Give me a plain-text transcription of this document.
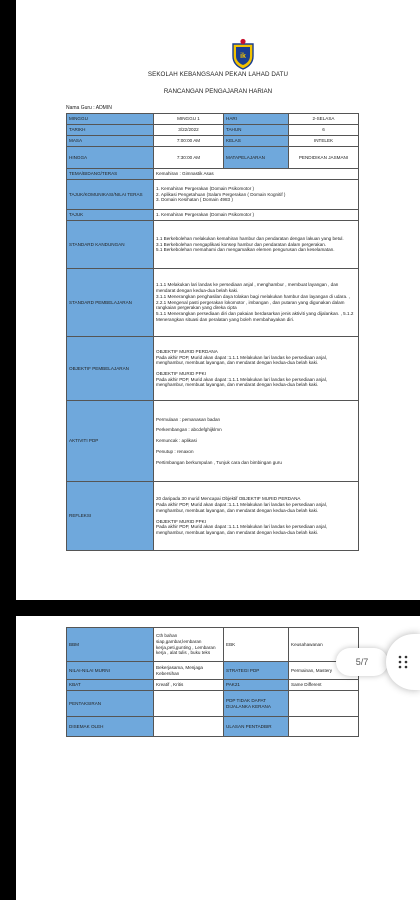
ik
SEKOLAH KEBANGSAAN PEKAN LAHAD DATU
RANCANGAN PENGAJARAN HARIAN
Nama Guru : ADMIN
MINGGU	MINGGU 1	HARI	2-SELASA
TARIKH	3/22/2022	TAHUN	6
MASA	7:00:00 AM	KELAS	INTELEK
HINGGA	7:30:00 AM	MATAPELAJARAN	PENDIDIKAN JASMANI
TEMA/BIDANG/TERAS	Kemahiran : Gimnastik Asas		
TAJUK/KOMUNIKASI/NILAI TERAS	1. Kemahiran Pergerakan (Domain Psikomotor )
2. Aplikasi Pengetahuan (Salam Pergerakan ( Domain Kognitif )
3. Domain Kesihatan ( Domain 4983 )		

TAJUK	1. Kemahiran Pergerakan (Domain Psikomotor )		
STANDARD KANDUNGAN	1.1 Berkebolehan melakukan kemahiran hambur dan pendaratan dengan lakuan yang betul.
3.1 Berkebolehan mengaplikasi konsep hambur dan pendaratan dalam pergerakan.
5.1 Berkebolehan memahami dan mengamalkan elemen pengurusan dan keselamatan.		

STANDARD PEMBELAJARAN	1.1.1 Melakukan lari landas ke persediaan anjal , menghambur , membuat layangan , dan mendarat dengan kedua-dua belah kaki.
3.1.1 Menerangkan penghasilan daya tolakan bagi melakukan hambur dan layangan di udara. , 2.2.1 Mengenal pasti pergerakan lokomotor , imbangan , dan putaran yang digunakan dalam rangkaian pergerakan yang direka cipta
5.1.1 Menerangkan persediaan diri dan pakaian berdasarkan jenis aktiviti yang dijalankan. , 5.1.2 Menerangkan situasi dan peralatan yang boleh membahayakan diri.		

OBJEKTIF PEMBELAJARAN	OBJEKTIF MURID PERDANA
Pada akhir PDP, Murid akan dapat :1.1.1 Melakukan lari landas ke persediaan anjal, menghambur, membuat layangan, dan mendarat dengan kedua-dua belah kaki.
OBJEKTIF MURID PPKI
Pada akhir PDP, Murid akan dapat :1.1.1 Melakukan lari landas ke persediaan anjal, menghambur, membuat layangan, dan mendarat dengan kedua-dua belah kaki.		

AKTIVITI PDP	Permulaan : pemanasan badan
Perkembangan : abcdefghijklmn
Kemuncak : aplikasi
Penutup : renaxon
Pertimbangan berkumpulan , Tunjuk cara dan bimbingan guru		

REFLEKSI	20 daripada 30 murid Mencapai Objektif OBJEKTIF MURID PERDANA
Pada akhir PDP, Murid akan dapat :1.1.1 Melakukan lari landas ke persediaan anjal, menghambur, membuat layangan, dan mendarat dengan kedua-dua belah kaki.
OBJEKTIF MURID PPKI
Pada akhir PDP, Murid akan dapat :1.1.1 Melakukan lari landas ke persediaan anjal, menghambur, membuat layangan, dan mendarat dengan kedua-dua belah kaki.		
BBM	Cth bahan siap,gambar,lembaran kerja,peti,gunting , Lembaran kerja , alat tulis , buku teks	EBK	Keusahawanan
NILAI-NILAI MURNI	Bekerjasama, Menjaga Kebersihan	STRATEGI PDP	Permainan, Mastery
KBAT	Kreatif , Kritis	PAK21	Same Different
PENTAKSIRAN		PDP TIDAK DAPAT DIJALANKA KERANA	
DISEMAK OLEH		ULASAN PENTADBIR	
5/7
